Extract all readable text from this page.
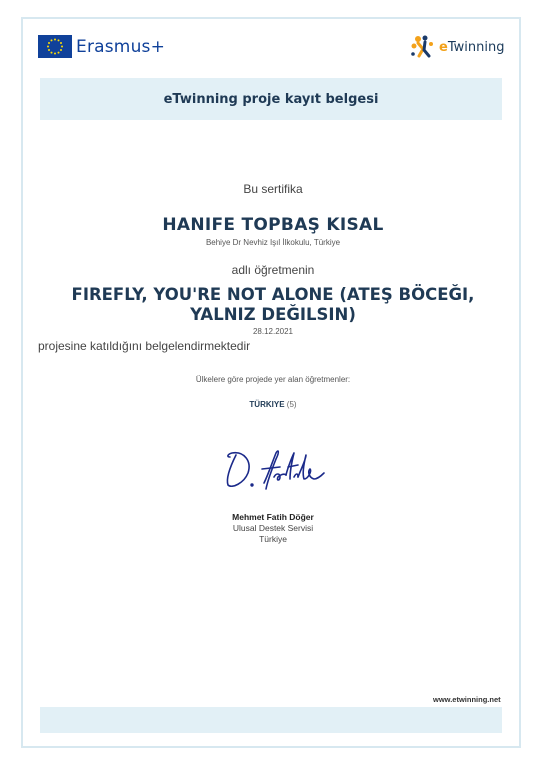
Erasmus+	eTwinning
eTwinning proje kayıt belgesi
Bu sertifika
HANIFE TOPBAŞ KISAL
Behiye Dr Nevhiz Işıl İlkokulu, Türkiye
adlı öğretmenin
FIREFLY, YOU'RE NOT ALONE (ATEŞ BÖCEĞI, YALNIZ DEĞILSIN)
28.12.2021
projesine katıldığını belgelendirmektedir
Ülkelere göre projede yer alan öğretmenler:
TÜRKIYE (5)
Mehmet Fatih Döğer
Ulusal Destek Servisi
Türkiye
www.etwinning.net
